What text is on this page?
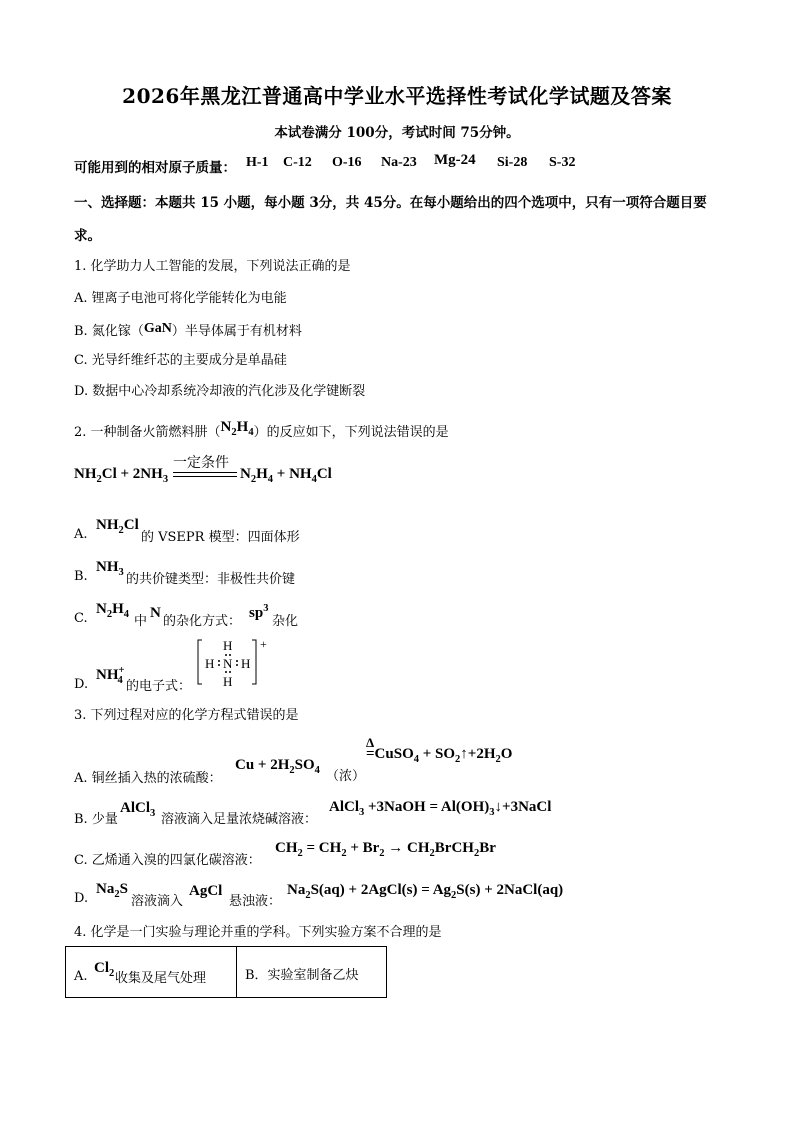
2026年黑龙江普通高中学业水平选择性考试化学试题及答案
本试卷满分 100分，考试时间 75分钟。
可能用到的相对原子质量： H-1 C-12 O-16 Na-23 Mg-24 Si-28 S-32
一、选择题：本题共 15 小题，每小题 3分，共 45分。在每小题给出的四个选项中，只有一项符合题目要
求。
1. 化学助力人工智能的发展，下列说法正确的是
A. 锂离子电池可将化学能转化为电能
B. 氮化镓（GaN）半导体属于有机材料
C. 光导纤维纤芯的主要成分是单晶硅
D. 数据中心冷却系统冷却液的汽化涉及化学键断裂
2. 一种制备火箭燃料肼$(N_2H_4)$的反应如下，下列说法错误的是
$NH_2Cl + 2NH_3$
一定条件
$N_2H_4 + NH_4Cl$
A.
$NH_2Cl$
的 VSEPR 模型：四面体形
B.
$NH_3$ 的共价键类型：非极性共价键
C.
$N_2H_4$ 中
N
的杂化方式：
$sp^3$
杂化
D.
$NH^+_4$ 的电子式：
+
H
H
H N H
3. 下列过程对应的化学方程式错误的是
A. 铜丝插入热的浓硫酸：
$Cu + 2H_2SO_4$ （浓）
Δ
=CuSO$_4$ + $SO_2↑+2H_2O$
B. 少量
AlCl$_3$ 溶液滴入足量浓烧碱溶液：
AlCl$_3$ +3NaOH = $Al(OH)_3↓+3NaCl$
C. 乙烯通入溴的四氯化碳溶液：
$CH_2 = CH_2 + Br_2$ → $CH_2BrCH_2Br$
D.
$Na_2S$
溶液滴入
AgCl
悬浊液：
$Na_2S(aq)$ + 2AgCl(s) = $Ag_2S(s)$ + 2NaCl(aq)
4. 化学是一门实验与理论并重的学科。下列实验方案不合理的是
A.
$Cl_2$ 收集及尾气处理	B．实验室制备乙炔
